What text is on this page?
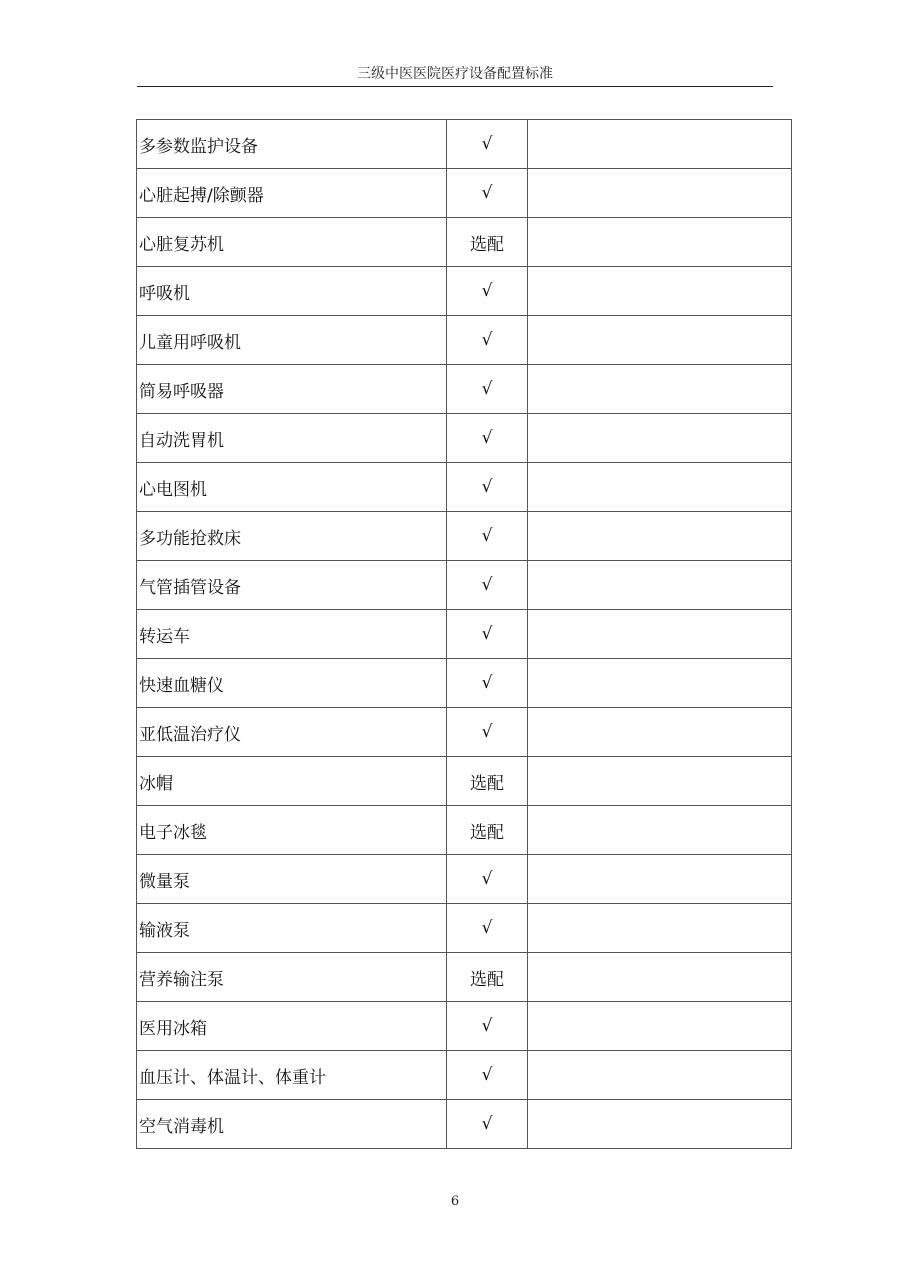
三级中医医院医疗设备配置标准
多参数监护设备	√	
心脏起搏/除颤器	√	
心脏复苏机	选配	
呼吸机	√	
儿童用呼吸机	√	
简易呼吸器	√	
自动洗胃机	√	
心电图机	√	
多功能抢救床	√	
气管插管设备	√	
转运车	√	
快速血糖仪	√	
亚低温治疗仪	√	
冰帽	选配	
电子冰毯	选配	
微量泵	√	
输液泵	√	
营养输注泵	选配	
医用冰箱	√	
血压计、体温计、体重计	√	
空气消毒机	√	
6
